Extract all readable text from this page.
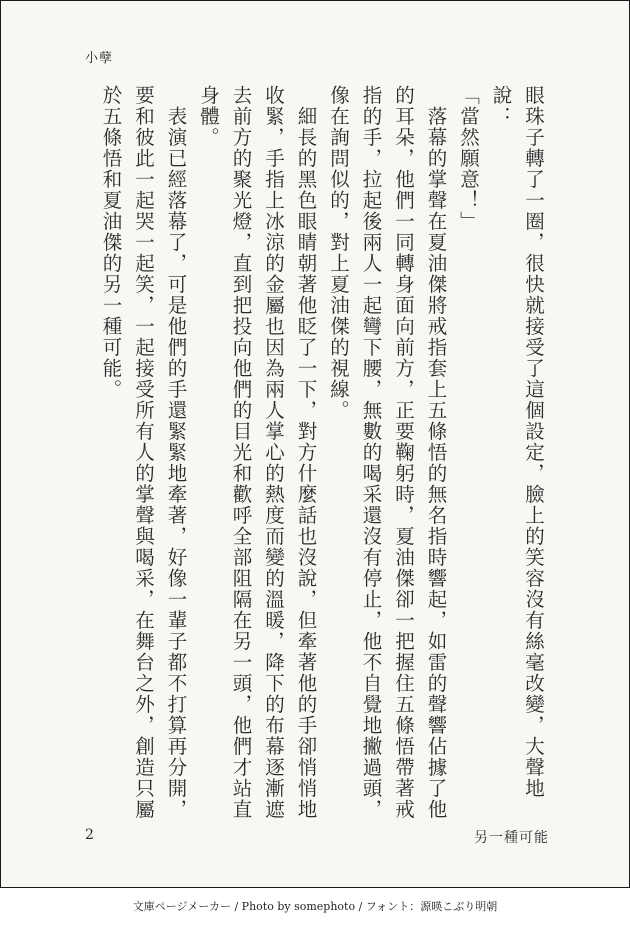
小孽

眼珠子轉了一圈，很快就接受了這個設定，臉上的笑容沒有絲毫改變，大聲地說：

「當然願意！」

　落幕的掌聲在夏油傑將戒指套上五條悟的無名指時響起，如雷的聲響佔據了他的耳朵，他們一同轉身面向前方，正要鞠躬時，夏油傑卻一把握住五條悟帶著戒指的手，拉起後兩人一起彎下腰，無數的喝采還沒有停止，他不自覺地撇過頭，像在詢問似的，對上夏油傑的視線。

　細長的黑色眼睛朝著他眨了一下，對方什麼話也沒說，但牽著他的手卻悄悄地收緊，手指上冰涼的金屬也因為兩人掌心的熱度而變的溫暖，降下的布幕逐漸遮去前方的聚光燈，直到把投向他們的目光和歡呼全部阻隔在另一頭，他們才站直身體。

　表演已經落幕了，可是他們的手還緊緊地牽著，好像一輩子都不打算再分開，要和彼此一起哭一起笑，一起接受所有人的掌聲與喝采，在舞台之外，創造只屬於五條悟和夏油傑的另一種可能。

2	另一種可能
文庫ページメーカー / Photo by somephoto / フォント：源暎こぶり明朝
